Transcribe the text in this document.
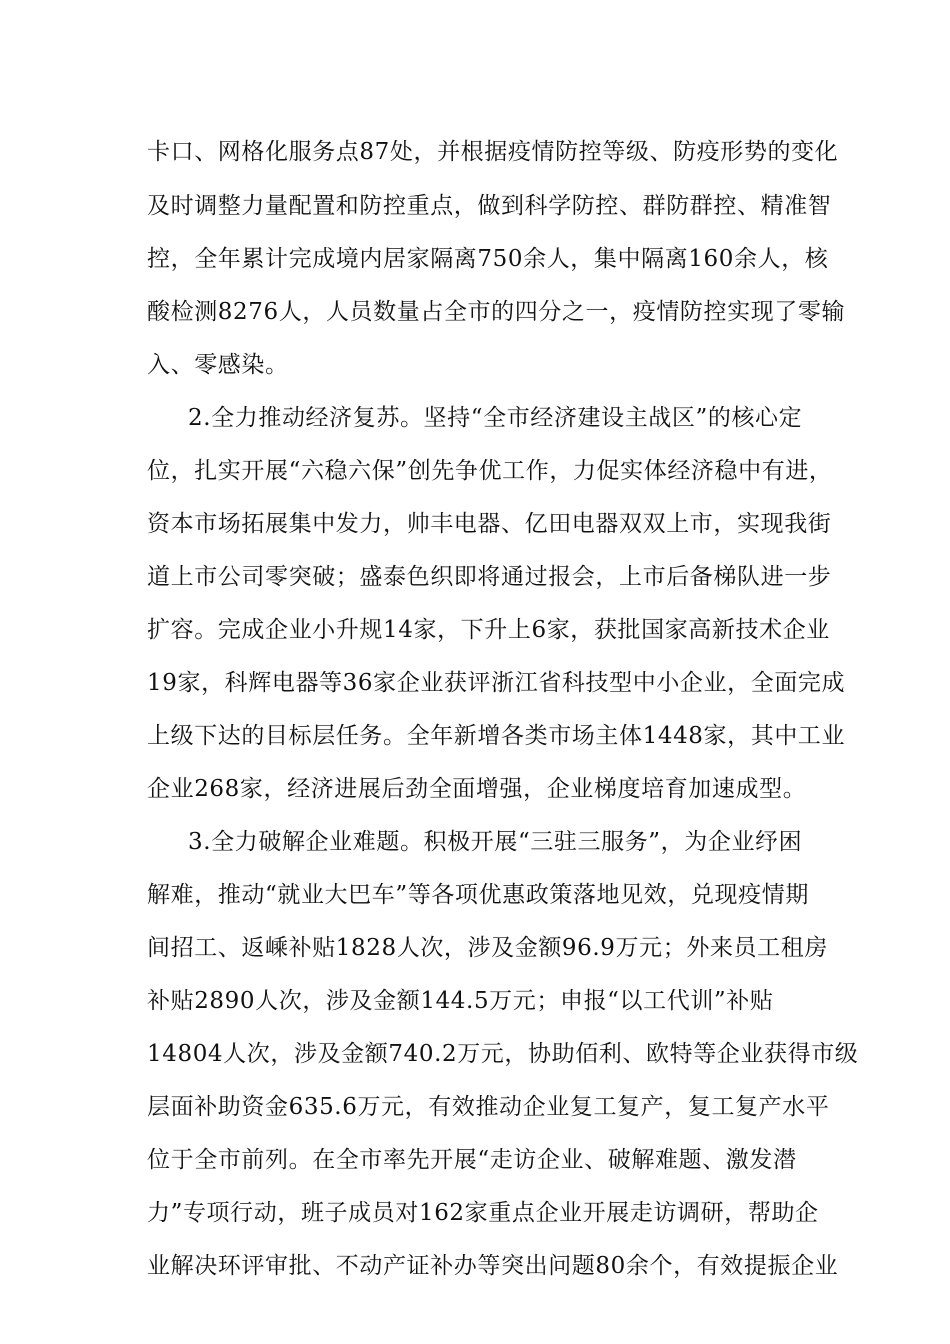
卡口、网格化服务点87处，并根据疫情防控等级、防疫形势的变化
及时调整力量配置和防控重点，做到科学防控、群防群控、精准智
控，全年累计完成境内居家隔离750余人，集中隔离160余人，核
酸检测8276人，人员数量占全市的四分之一，疫情防控实现了零输
入、零感染。
2.全力推动经济复苏。坚持“全市经济建设主战区”的核心定
位，扎实开展“六稳六保”创先争优工作，力促实体经济稳中有进，
资本市场拓展集中发力，帅丰电器、亿田电器双双上市，实现我街
道上市公司零突破；盛泰色织即将通过报会，上市后备梯队进一步
扩容。完成企业小升规14家，下升上6家，获批国家高新技术企业
19家，科辉电器等36家企业获评浙江省科技型中小企业，全面完成
上级下达的目标层任务。全年新增各类市场主体1448家，其中工业
企业268家，经济进展后劲全面增强，企业梯度培育加速成型。
3.全力破解企业难题。积极开展“三驻三服务”，为企业纾困
解难，推动“就业大巴车”等各项优惠政策落地见效，兑现疫情期
间招工、返嵊补贴1828人次，涉及金额96.9万元；外来员工租房
补贴2890人次，涉及金额144.5万元；申报“以工代训”补贴
14804人次，涉及金额740.2万元，协助佰利、欧特等企业获得市级
层面补助资金635.6万元，有效推动企业复工复产，复工复产水平
位于全市前列。在全市率先开展“走访企业、破解难题、激发潜
力”专项行动，班子成员对162家重点企业开展走访调研，帮助企
业解决环评审批、不动产证补办等突出问题80余个，有效提振企业
